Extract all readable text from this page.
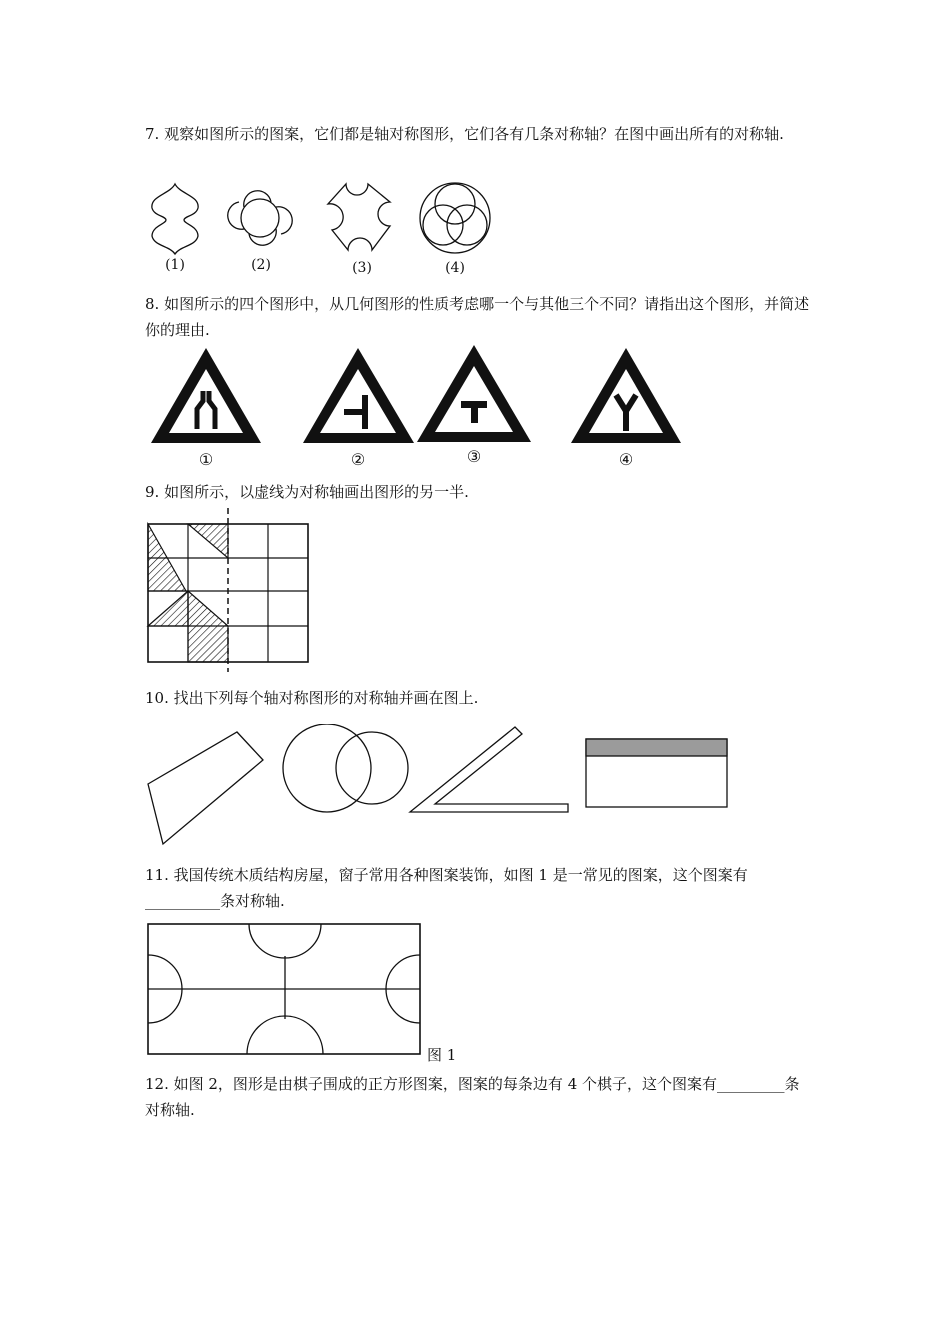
7. 观察如图所示的图案，它们都是轴对称图形，它们各有几条对称轴？在图中画出所有的对称轴.

(1)	(2)	(3)	(4)

8. 如图所示的四个图形中，从几何图形的性质考虑哪一个与其他三个不同？请指出这个图形，并简述你的理由.

①	②	③	④

9. 如图所示，以虚线为对称轴画出图形的另一半.

10. 找出下列每个轴对称图形的对称轴并画在图上.

11. 我国传统木质结构房屋，窗子常用各种图案装饰，如图 1 是一常见的图案，这个图案有__________条对称轴.

图 1

12. 如图 2，图形是由棋子围成的正方形图案，图案的每条边有 4 个棋子，这个图案有_________条对称轴.
